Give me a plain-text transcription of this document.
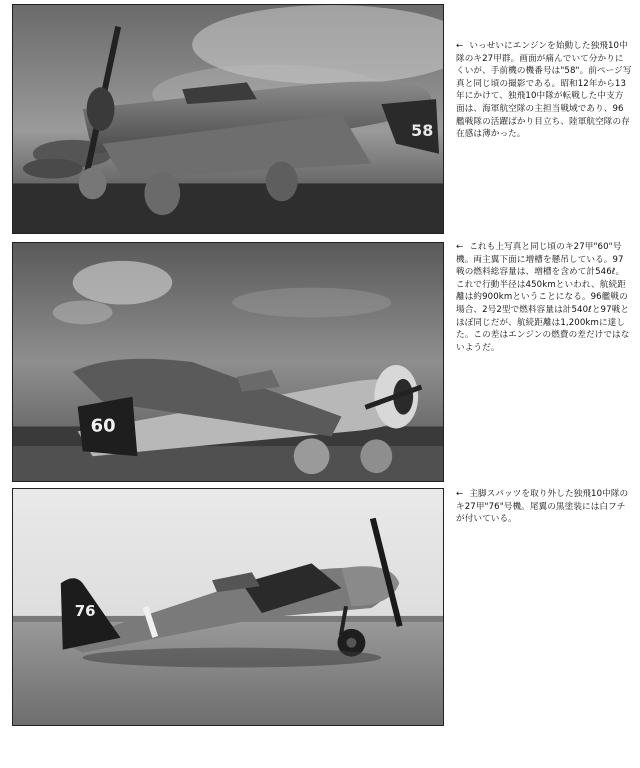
58
60
76
← いっせいにエンジンを始動した独飛10中隊のキ27甲群。画面が痛んでいて分かりにくいが、手前機の機番号は"58"。前ページ写真と同じ頃の撮影である。昭和12年から13年にかけて、独飛10中隊が転戦した中支方面は、海軍航空隊の主担当戦域であり、96艦戦隊の活躍ばかり目立ち、陸軍航空隊の存在感は薄かった。
← これも上写真と同じ頃のキ27甲"60"号機。両主翼下面に増槽を懸吊している。97戦の燃料総容量は、増槽を含めて計546ℓ。これで行動半径は450kmといわれ、航続距離は約900kmということになる。96艦戦の場合、2号2型で燃料容量は計540ℓと97戦とほぼ同じだが、航続距離は1,200kmに達した。この差はエンジンの燃費の差だけではないようだ。
← 主脚スパッツを取り外した独飛10中隊のキ27甲"76"号機。尾翼の黒塗装には白フチが付いている。
